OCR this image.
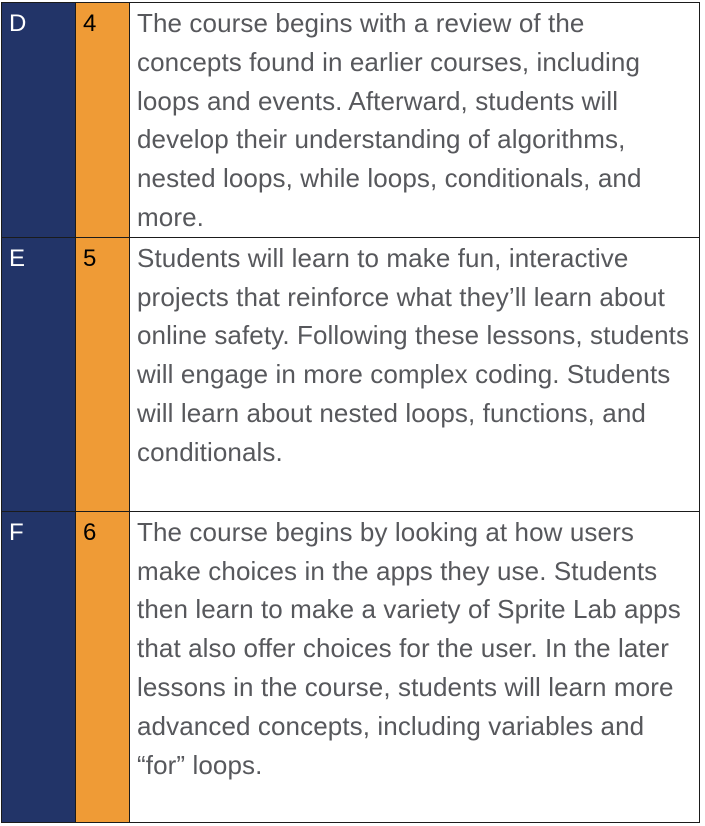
D	4	The course begins with a review of the concepts found in earlier courses, including loops and events. Afterward, students will develop their understanding of algorithms, nested loops, while loops, conditionals, and more.

E	5	Students will learn to make fun, interactive projects that reinforce what they’ll learn about online safety. Following these lessons, students will engage in more complex coding. Students will learn about nested loops, functions, and conditionals.

F	6	The course begins by looking at how users make choices in the apps they use. Students then learn to make a variety of Sprite Lab apps that also offer choices for the user. In the later lessons in the course, students will learn more advanced concepts, including variables and “for” loops.
